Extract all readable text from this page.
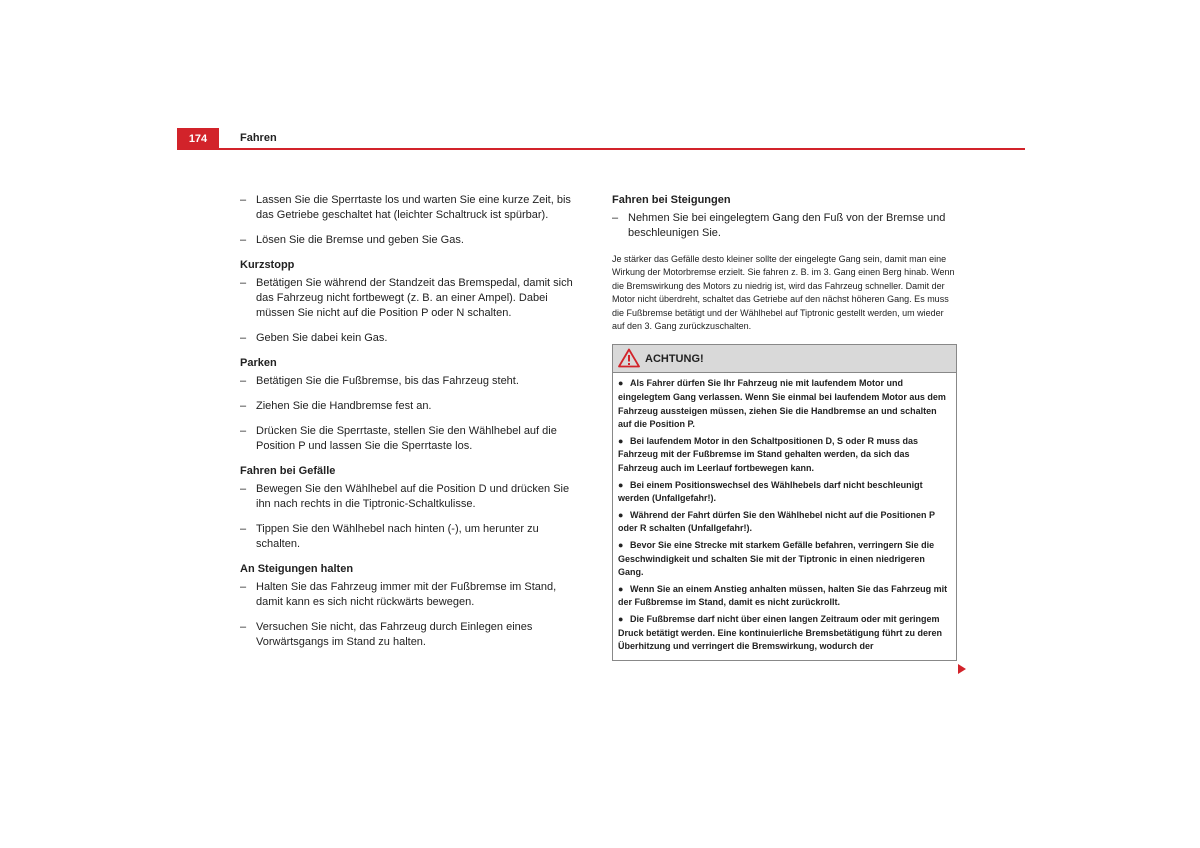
174	Fahren
– Lassen Sie die Sperrtaste los und warten Sie eine kurze Zeit, bis das Getriebe geschaltet hat (leichter Schaltruck ist spürbar).
– Lösen Sie die Bremse und geben Sie Gas.
Kurzstopp
– Betätigen Sie während der Standzeit das Bremspedal, damit sich das Fahrzeug nicht fortbewegt (z. B. an einer Ampel). Dabei müssen Sie nicht auf die Position P oder N schalten.
– Geben Sie dabei kein Gas.
Parken
– Betätigen Sie die Fußbremse, bis das Fahrzeug steht.
– Ziehen Sie die Handbremse fest an.
– Drücken Sie die Sperrtaste, stellen Sie den Wählhebel auf die Position P und lassen Sie die Sperrtaste los.
Fahren bei Gefälle
– Bewegen Sie den Wählhebel auf die Position D und drücken Sie ihn nach rechts in die Tiptronic-Schaltkulisse.
– Tippen Sie den Wählhebel nach hinten (-), um herunter zu schalten.
An Steigungen halten
– Halten Sie das Fahrzeug immer mit der Fußbremse im Stand, damit kann es sich nicht rückwärts bewegen.
– Versuchen Sie nicht, das Fahrzeug durch Einlegen eines Vorwärtsgangs im Stand zu halten.
Fahren bei Steigungen
– Nehmen Sie bei eingelegtem Gang den Fuß von der Bremse und beschleunigen Sie.

Je stärker das Gefälle desto kleiner sollte der eingelegte Gang sein, damit man eine Wirkung der Motorbremse erzielt. Sie fahren z. B. im 3. Gang einen Berg hinab. Wenn die Bremswirkung des Motors zu niedrig ist, wird das Fahrzeug schneller. Damit der Motor nicht überdreht, schaltet das Getriebe auf den nächst höheren Gang. Es muss die Fußbremse betätigt und der Wählhebel auf Tiptronic gestellt werden, um wieder auf den 3. Gang zurückzuschalten.

ACHTUNG!
● Als Fahrer dürfen Sie Ihr Fahrzeug nie mit laufendem Motor und eingelegtem Gang verlassen. Wenn Sie einmal bei laufendem Motor aus dem Fahrzeug aussteigen müssen, ziehen Sie die Handbremse an und schalten auf die Position P.
● Bei laufendem Motor in den Schaltpositionen D, S oder R muss das Fahrzeug mit der Fußbremse im Stand gehalten werden, da sich das Fahrzeug auch im Leerlauf fortbewegen kann.
● Bei einem Positionswechsel des Wählhebels darf nicht beschleunigt werden (Unfallgefahr!).
● Während der Fahrt dürfen Sie den Wählhebel nicht auf die Positionen P oder R schalten (Unfallgefahr!).
● Bevor Sie eine Strecke mit starkem Gefälle befahren, verringern Sie die Geschwindigkeit und schalten Sie mit der Tiptronic in einen niedrigeren Gang.
● Wenn Sie an einem Anstieg anhalten müssen, halten Sie das Fahrzeug mit der Fußbremse im Stand, damit es nicht zurückrollt.
● Die Fußbremse darf nicht über einen langen Zeitraum oder mit geringem Druck betätigt werden. Eine kontinuierliche Bremsbetätigung führt zu deren Überhitzung und verringert die Bremswirkung, wodurch der
